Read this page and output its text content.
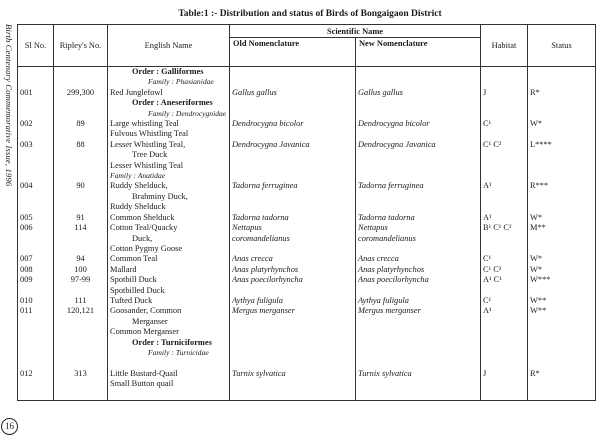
Birth Centenary Commemorative Issue, 1996
16
Table:1 :- Distribution and status of Birds of Bongaigaon District
Sl No.	Ripley's No.	English Name	Scientific Name		Habitat	Status
			Old Nomenclature	New Nomenclature		
		Order : Galliformes				
		Family : Phasianidae				
001	299,300	Red Junglefowl	Gallus gallus	Gallus gallus	J	R*
		Order : Aneseriformes				
		Family : Dendrocygnidae				
002	89	Large whistling Teal	Dendrocygna bicolor	Dendrocygna bicolor	C¹	W*
		Fulvous Whistling Teal				
003	88	Lesser Whistling Teal,	Dendrocygna Javanica	Dendrocygna Javanica	C¹ C²	L****
		Tree Duck				
		Lesser Whistling Teal				
		Family : Anatidae				
004	90	Ruddy Shelduck,	Tadorna ferruginea	Tadorna ferruginea	A¹	R***
		Brahminy Duck,				
		Ruddy Shelduck				
005	91	Common Shelduck	Tadorna tadorna	Tadorna tadorna	A¹	W*
006	114	Cotton Teal/Quacky	Nettapus	Nettapus	B¹ C¹ C²	M**
		Duck,	coromandelianus	coromandelianus		
		Cotton Pygmy Goose				
007	94	Common Teal	Anas crecca	Anas crecca	C¹	W*
008	100	Mallard	Anas platyrhynchos	Anas platyrhynchos	C¹ C²	W*
009	97-99	Spotbill Duck	Anas poecilorhyncha	Anas poecilorhyncha	A¹ C¹	W***
		Spotbilled Duck				
010	111	Tufted Duck	Aythya fuligula	Aythya fuligula	C¹	W**
011	120,121	Goosander, Common	Mergus merganser	Mergus merganser	A¹	W**
		Merganser				
		Common Merganser				
		Order : Turniciformes				
		Family : Turnicidae				

012	313	Little Bustard-Quail	Turnix sylvatica	Turnix sylvatica	J	R*
		Small Button quail				
